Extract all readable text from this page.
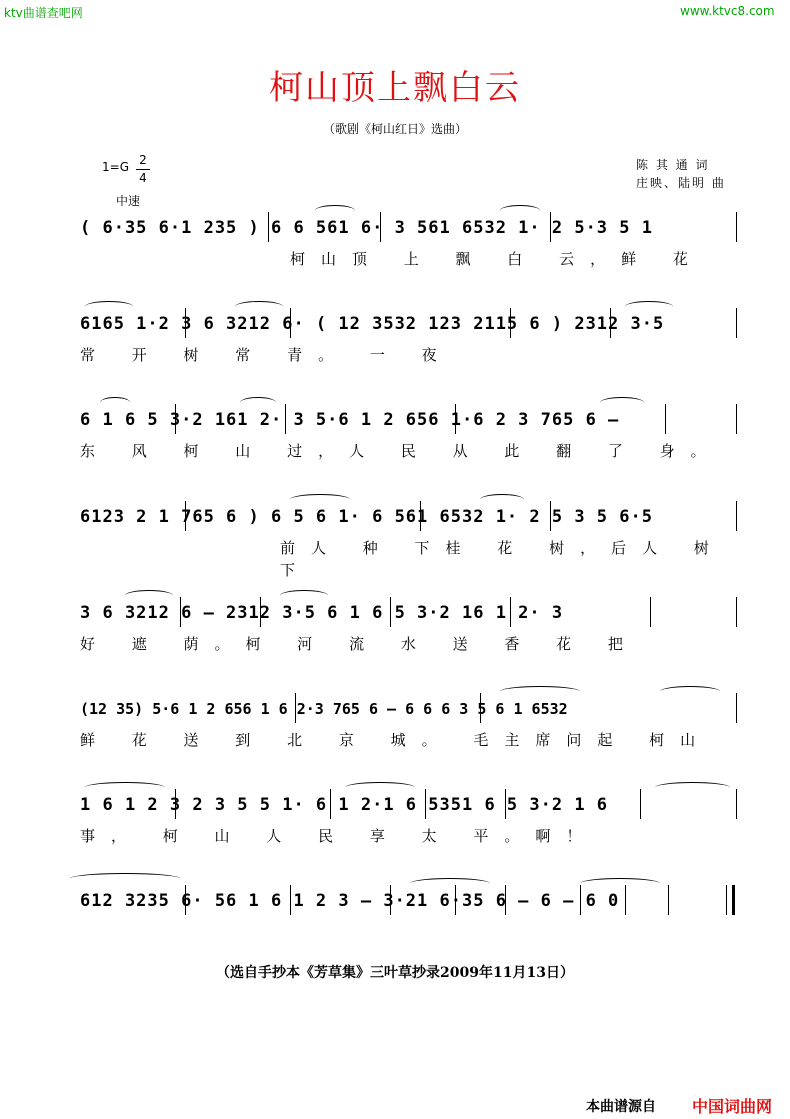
ktv曲谱查吧网	www.ktvc8.com
柯山顶上飘白云
（歌剧《柯山红日》选曲）
1=G 2
4
中速
陈 其 通 词
庄映、陆明 曲
( 6·35 6·1 235 ) 6 6 561 6· 3 561 6532 1· 2 5·3 5 1
柯山顶 上 飘 白 云，鲜 花
6165 1·2 3 6 3212 6· ( 12 3532 123 2115 6 ) 2312 3·5
常 开 树 常 青。 一 夜
6 1 6 5 3·2 161 2· 3 5·6 1 2 656 1·6 2 3 765 6 –
东 风 柯 山 过，人 民 从 此 翻 了 身。
6123 2 1 765 6 ) 6 5 6 1· 6 561 6532 1· 2 5 3 5 6·5
前人 种 下桂 花 树，后人 树下
3 6 3212 6 – 2312 3·5 6 1 6 5 3·2 16 1 2· 3
好 遮 荫。柯 河 流 水 送 香 花 把
(12 35) 5·6 1 2 656 1 6 2·3 765 6 – 6 6 6 3 5 6 1 6532
鲜 花 送 到 北 京 城。 毛主席问起 柯山
1 6 1 2 3 2 3 5 5 1· 6 1 2·1 6 5351 6 5 3·2 1 6
事， 柯 山 人 民 享 太 平。啊！
612 3235 6· 56 1 6 1 2 3 – 3·21 6·35 6 – 6 – 6 0
（选自手抄本《芳草集》三叶草抄录2009年11月13日）
本曲谱源自 中国词曲网
